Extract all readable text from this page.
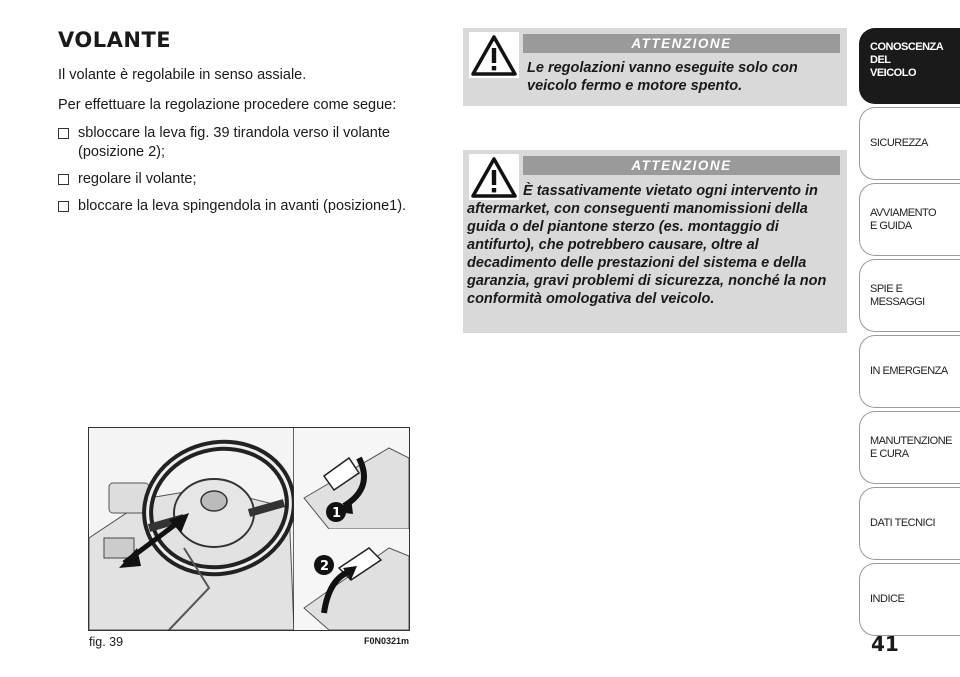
VOLANTE

Il volante è regolabile in senso assiale.

Per effettuare la regolazione procedere come segue:

sbloccare la leva fig. 39 tirandola verso il volante (posizione 2);
regolare il volante;
bloccare la leva spingendola in avanti (posizione1).
ATTENZIONE

Le regolazioni vanno eseguite solo con veicolo fermo e motore spento.

ATTENZIONE

È tassativamente vietato ogni intervento in aftermarket, con conseguenti manomissioni della guida o del piantone sterzo (es. montaggio di antifurto), che potrebbero causare, oltre al decadimento delle prestazioni del sistema e della garanzia, gravi problemi di sicurezza, nonché la non conformità omologativa del veicolo.

1
2
fig. 39	F0N0321m
CONOSCENZA
DEL
VEICOLO
SICUREZZA
AVVIAMENTO
E GUIDA
SPIE E
MESSAGGI
IN EMERGENZA
MANUTENZIONE
E CURA
DATI TECNICI
INDICE
41
